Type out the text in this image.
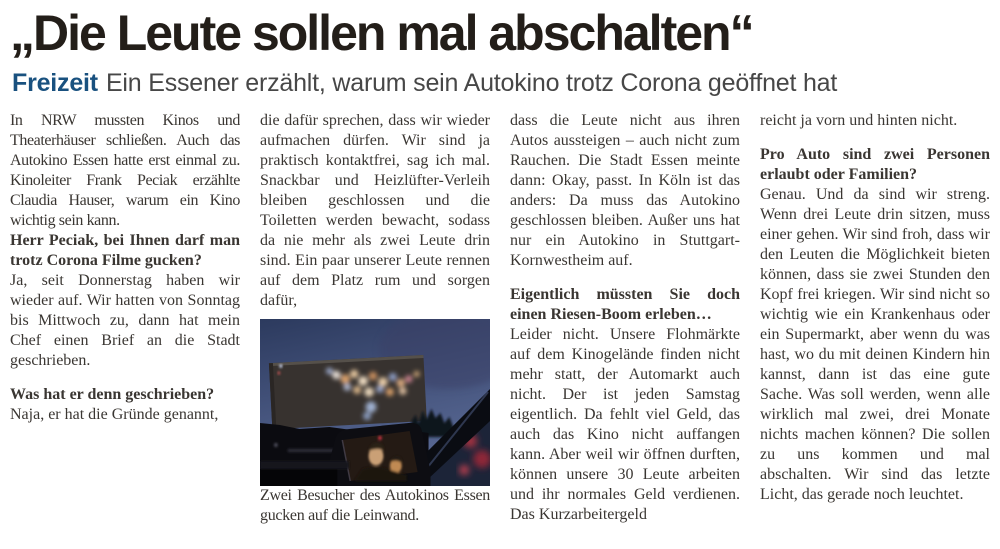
„Die Leute sollen mal abschalten“
Freizeit Ein Essener erzählt, warum sein Autokino trotz Corona geöffnet hat

In NRW mussten Kinos und Theaterhäuser schließen. Auch das Autokino Essen hatte erst einmal zu. Kinoleiter Frank Peciak erzählte Claudia Hauser, warum ein Kino wichtig sein kann.

Herr Peciak, bei Ihnen darf man trotz Corona Filme gucken?

Ja, seit Donnerstag haben wir wieder auf. Wir hatten von Sonntag bis Mittwoch zu, dann hat mein Chef einen Brief an die Stadt geschrieben.

Was hat er denn geschrieben?

Naja, er hat die Gründe genannt,

die dafür sprechen, dass wir wieder aufmachen dürfen. Wir sind ja praktisch kontaktfrei, sag ich mal. Snackbar und Heizlüfter-Verleih bleiben geschlossen und die Toiletten werden bewacht, sodass da nie mehr als zwei Leute drin sind. Ein paar unserer Leute rennen auf dem Platz rum und sorgen dafür,

Zwei Besucher des Autokinos Essen gucken auf die Leinwand.

dass die Leute nicht aus ihren Autos aussteigen – auch nicht zum Rauchen. Die Stadt Essen meinte dann: Okay, passt. In Köln ist das anders: Da muss das Autokino geschlossen bleiben. Außer uns hat nur ein Autokino in Stuttgart-Kornwestheim auf.

Eigentlich müssten Sie doch einen Riesen-Boom erleben…

Leider nicht. Unsere Flohmärkte auf dem Kinogelände finden nicht mehr statt, der Automarkt auch nicht. Der ist jeden Samstag eigentlich. Da fehlt viel Geld, das auch das Kino nicht auffangen kann. Aber weil wir öffnen durften, können unsere 30 Leute arbeiten und ihr normales Geld verdienen. Das Kurzarbeitergeld

reicht ja vorn und hinten nicht.

Pro Auto sind zwei Personen erlaubt oder Familien?

Genau. Und da sind wir streng. Wenn drei Leute drin sitzen, muss einer gehen. Wir sind froh, dass wir den Leuten die Möglichkeit bieten können, dass sie zwei Stunden den Kopf frei kriegen. Wir sind nicht so wichtig wie ein Krankenhaus oder ein Supermarkt, aber wenn du was hast, wo du mit deinen Kindern hin kannst, dann ist das eine gute Sache. Was soll werden, wenn alle wirklich mal zwei, drei Monate nichts machen können? Die sollen zu uns kommen und mal abschalten. Wir sind das letzte Licht, das gerade noch leuchtet.
